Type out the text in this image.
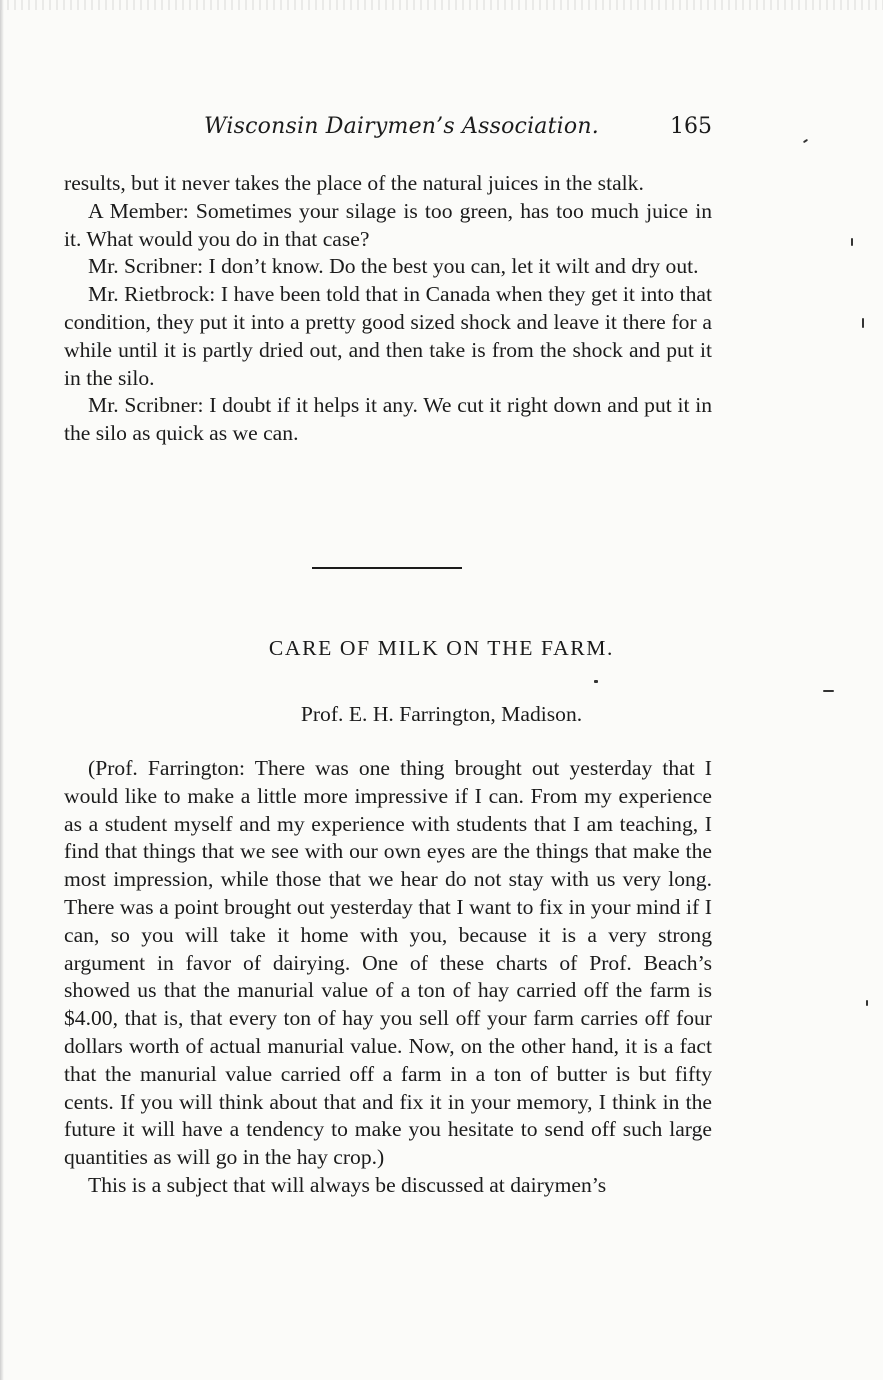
Wisconsin Dairymen’s Association.	165

results, but it never takes the place of the natural juices in the stalk.

A Member: Sometimes your silage is too green, has too much juice in it. What would you do in that case?

Mr. Scribner: I don’t know. Do the best you can, let it wilt and dry out.

Mr. Rietbrock: I have been told that in Canada when they get it into that condition, they put it into a pretty good sized shock and leave it there for a while until it is partly dried out, and then take is from the shock and put it in the silo.

Mr. Scribner: I doubt if it helps it any. We cut it right down and put it in the silo as quick as we can.

CARE OF MILK ON THE FARM.
Prof. E. H. Farrington, Madison.

(Prof. Farrington: There was one thing brought out yesterday that I would like to make a little more impressive if I can. From my experience as a student myself and my experience with students that I am teaching, I find that things that we see with our own eyes are the things that make the most impression, while those that we hear do not stay with us very long. There was a point brought out yesterday that I want to fix in your mind if I can, so you will take it home with you, because it is a very strong argument in favor of dairying. One of these charts of Prof. Beach’s showed us that the manurial value of a ton of hay carried off the farm is $4.00, that is, that every ton of hay you sell off your farm carries off four dollars worth of actual manurial value. Now, on the other hand, it is a fact that the manurial value carried off a farm in a ton of butter is but fifty cents. If you will think about that and fix it in your memory, I think in the future it will have a tendency to make you hesitate to send off such large quantities as will go in the hay crop.)

This is a subject that will always be discussed at dairymen’s
